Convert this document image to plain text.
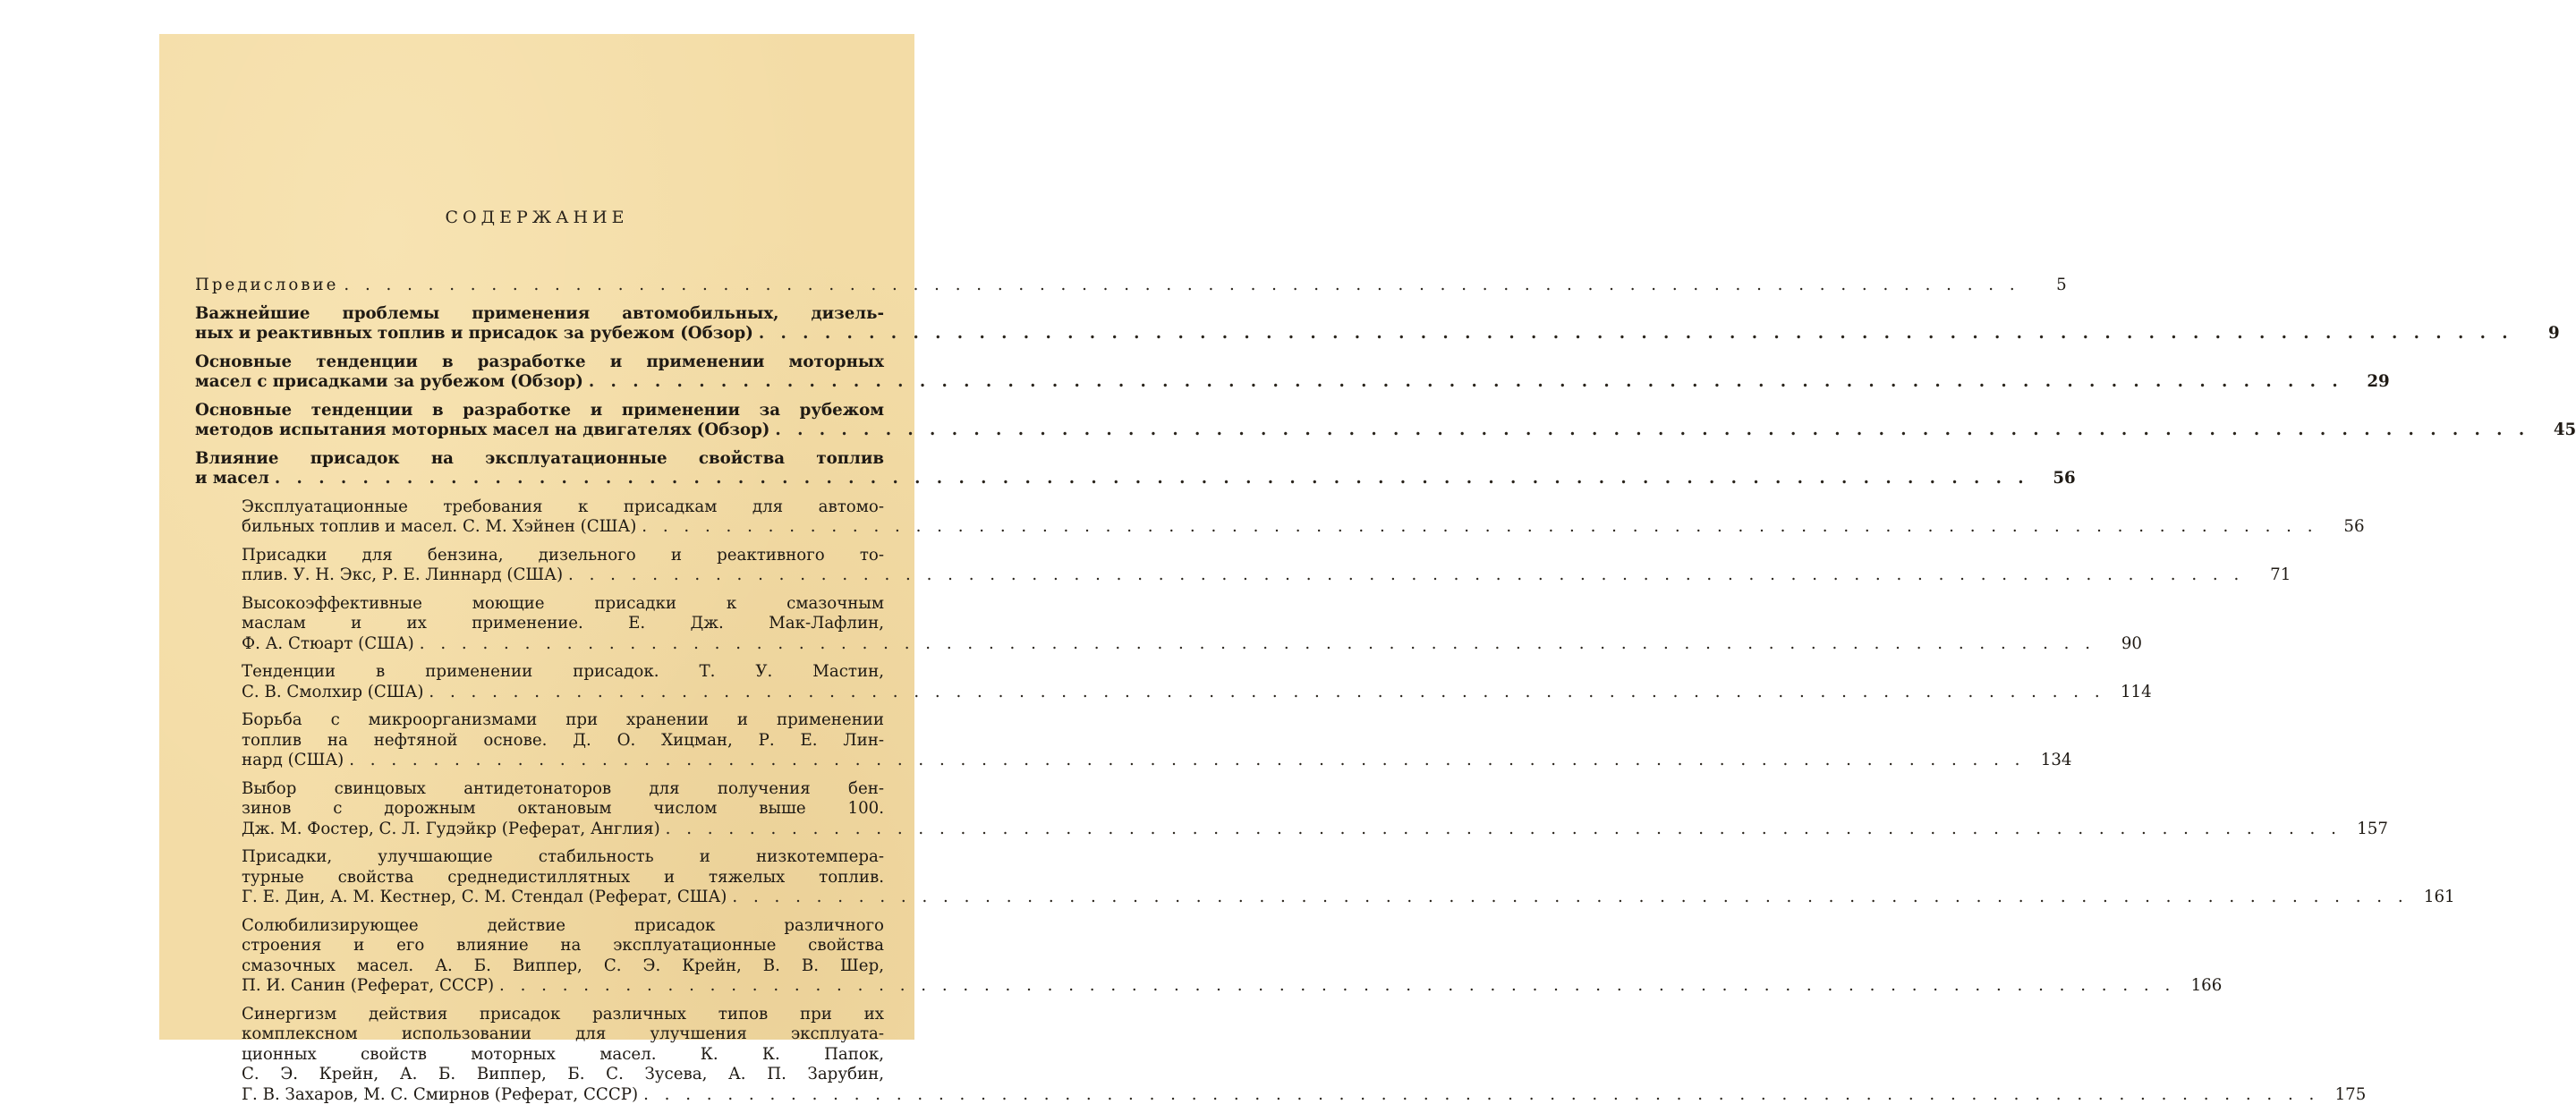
СОДЕРЖАНИЕ
Предисловие . . . . . . . . . . . . . . . . . . . . . . . . . . . . . . . . . . . . . . . . . . . . . . . . . . . . . . . . . . . . . . . . . . . . . . . . . . . . . . . .	5
Важнейшие проблемы применения автомобильных, дизель-
ных и реактивных топлив и присадок за рубежом (Обзор) . . . . . . . . . . . . . . . . . . . . . . . . . . . . . . . . . . . . . . . . . . . . . . . . . . . . . . . . . . . . . . . . . . . . . . . . . . . . . . . .	9
Основные тенденции в разработке и применении моторных
масел с присадками за рубежом (Обзор) . . . . . . . . . . . . . . . . . . . . . . . . . . . . . . . . . . . . . . . . . . . . . . . . . . . . . . . . . . . . . . . . . . . . . . . . . . . . . . . .	29
Основные тенденции в разработке и применении за рубежом
методов испытания моторных масел на двигателях (Обзор) . . . . . . . . . . . . . . . . . . . . . . . . . . . . . . . . . . . . . . . . . . . . . . . . . . . . . . . . . . . . . . . . . . . . . . . . . . . . . . . .	45
Влияние присадок на эксплуатационные свойства топлив
и масел . . . . . . . . . . . . . . . . . . . . . . . . . . . . . . . . . . . . . . . . . . . . . . . . . . . . . . . . . . . . . . . . . . . . . . . . . . . . . . . .	56
Эксплуатационные требования к присадкам для автомо-
бильных топлив и масел. С. М. Хэйнен (США) . . . . . . . . . . . . . . . . . . . . . . . . . . . . . . . . . . . . . . . . . . . . . . . . . . . . . . . . . . . . . . . . . . . . . . . . . . . . . . . .	56
Присадки для бензина, дизельного и реактивного то-
плив. У. Н. Экс, Р. Е. Линнард (США) . . . . . . . . . . . . . . . . . . . . . . . . . . . . . . . . . . . . . . . . . . . . . . . . . . . . . . . . . . . . . . . . . . . . . . . . . . . . . . . .	71
Высокоэффективные моющие присадки к смазочным
маслам и их применение. Е. Дж. Мак-Лафлин,
Ф. А. Стюарт (США) . . . . . . . . . . . . . . . . . . . . . . . . . . . . . . . . . . . . . . . . . . . . . . . . . . . . . . . . . . . . . . . . . . . . . . . . . . . . . . . .	90
Тенденции в применении присадок. Т. У. Мастин,
С. В. Смолхир (США) . . . . . . . . . . . . . . . . . . . . . . . . . . . . . . . . . . . . . . . . . . . . . . . . . . . . . . . . . . . . . . . . . . . . . . . . . . . . . . . . 114
Борьба с микроорганизмами при хранении и применении
топлив на нефтяной основе. Д. О. Хицман, Р. Е. Лин-
нард (США) . . . . . . . . . . . . . . . . . . . . . . . . . . . . . . . . . . . . . . . . . . . . . . . . . . . . . . . . . . . . . . . . . . . . . . . . . . . . . . . . 134
Выбор свинцовых антидетонаторов для получения бен-
зинов с дорожным октановым числом выше 100.
Дж. М. Фостер, С. Л. Гудэйкр (Реферат, Англия) . . . . . . . . . . . . . . . . . . . . . . . . . . . . . . . . . . . . . . . . . . . . . . . . . . . . . . . . . . . . . . . . . . . . . . . . . . . . . . . . 157
Присадки, улучшающие стабильность и низкотемпера-
турные свойства среднедистиллятных и тяжелых топлив.
Г. Е. Дин, А. М. Кестнер, С. М. Стендал (Реферат, США) . . . . . . . . . . . . . . . . . . . . . . . . . . . . . . . . . . . . . . . . . . . . . . . . . . . . . . . . . . . . . . . . . . . . . . . . . . . . . . . . 161
Солюбилизирующее действие присадок различного
строения и его влияние на эксплуатационные свойства
смазочных масел. А. Б. Виппер, С. Э. Крейн, В. В. Шер,
П. И. Санин (Реферат, СССР) . . . . . . . . . . . . . . . . . . . . . . . . . . . . . . . . . . . . . . . . . . . . . . . . . . . . . . . . . . . . . . . . . . . . . . . . . . . . . . . . 166
Синергизм действия присадок различных типов при их
комплексном использовании для улучшения эксплуата-
ционных свойств моторных масел. К. К. Папок,
С. Э. Крейн, А. Б. Виппер, Б. С. Зусева, А. П. Зарубин,
Г. В. Захаров, М. С. Смирнов (Реферат, СССР) . . . . . . . . . . . . . . . . . . . . . . . . . . . . . . . . . . . . . . . . . . . . . . . . . . . . . . . . . . . . . . . . . . . . . . . . . . . . . . . . 175
